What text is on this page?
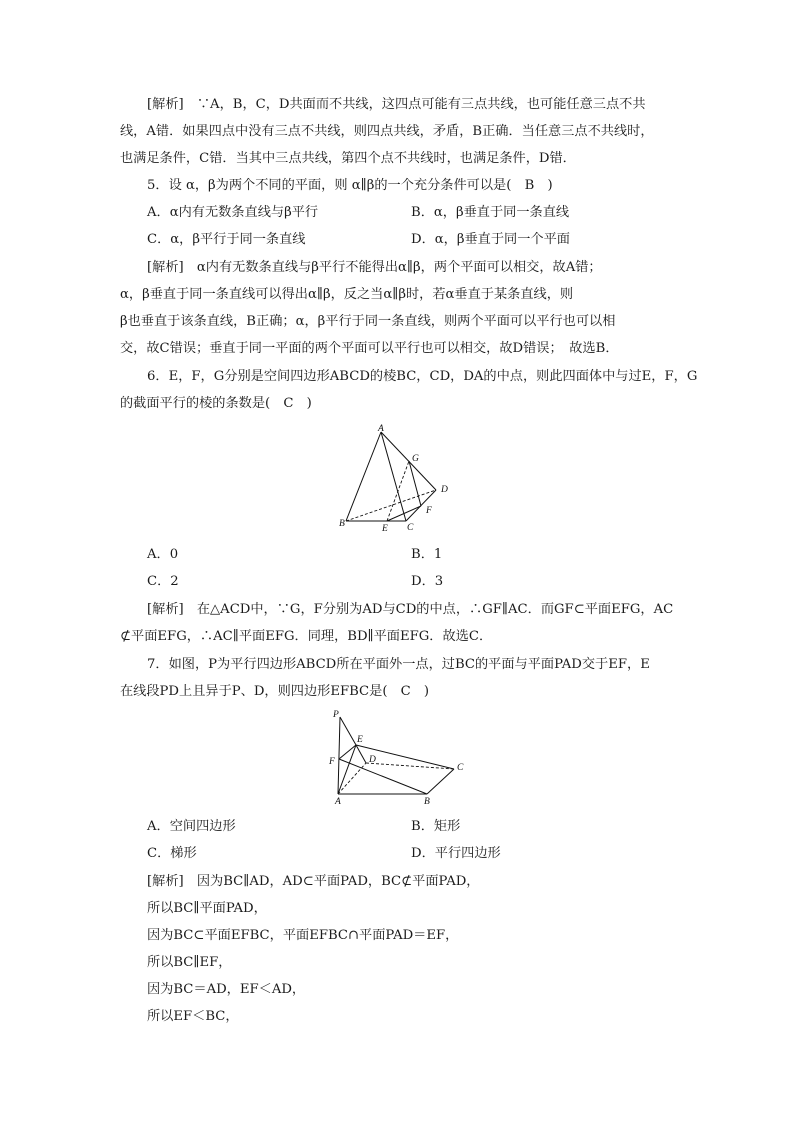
[解析]　∵A，B，C，D共面而不共线，这四点可能有三点共线，也可能任意三点不共
线，A错．如果四点中没有三点不共线，则四点共线，矛盾，B正确．当任意三点不共线时，
也满足条件，C错．当其中三点共线，第四个点不共线时，也满足条件，D错．
5．设 α，β为两个不同的平面，则 α∥β的一个充分条件可以是(　B　)
A．α内有无数条直线与β平行	B．α，β垂直于同一条直线
C．α，β平行于同一条直线	D．α，β垂直于同一个平面
[解析]　α内有无数条直线与β平行不能得出α∥β，两个平面可以相交，故A错；
α，β垂直于同一条直线可以得出α∥β，反之当α∥β时，若α垂直于某条直线，则
β也垂直于该条直线，B正确；α，β平行于同一条直线，则两个平面可以平行也可以相
交，故C错误；垂直于同一平面的两个平面可以平行也可以相交，故D错误；　故选B．
6．E，F，G分别是空间四边形ABCD的棱BC，CD，DA的中点，则此四面体中与过E，F，G
的截面平行的棱的条数是(　C　)
A
B	C
D
E
F
G
A．0	B．1
C．2	D．3
[解析]　在△ACD中，∵G，F分别为AD与CD的中点，∴GF∥AC．而GF⊂平面EFG，AC
⊄平面EFG，∴AC∥平面EFG．同理，BD∥平面EFG．故选C．
7．如图，P为平行四边形ABCD所在平面外一点，过BC的平面与平面PAD交于EF，E
在线段PD上且异于P、D，则四边形EFBC是(　C　)
P
E
F	D
C
A	B
A．空间四边形	B．矩形
C．梯形	D．平行四边形
[解析]　因为BC∥AD，AD⊂平面PAD，BC⊄平面PAD，
所以BC∥平面PAD，
因为BC⊂平面EFBC，平面EFBC∩平面PAD＝EF，
所以BC∥EF，
因为BC＝AD，EF＜AD，
所以EF＜BC，
